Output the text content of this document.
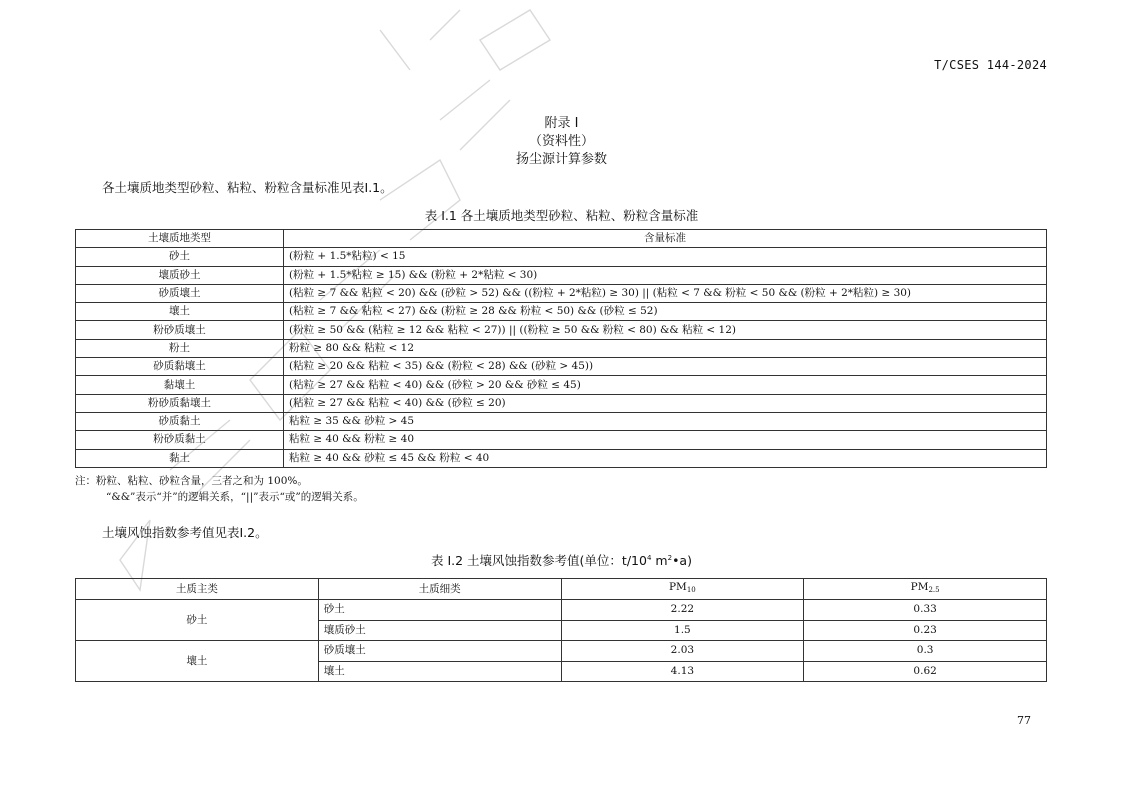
T/CSES 144-2024
附录 I
（资料性）
扬尘源计算参数
各土壤质地类型砂粒、粘粒、粉粒含量标准见表I.1。
表 I.1 各土壤质地类型砂粒、粘粒、粉粒含量标准
土壤质地类型	含量标准
砂土	(粉粒 + 1.5*粘粒) < 15
壤质砂土	(粉粒 + 1.5*粘粒 ≥ 15) && (粉粒 + 2*粘粒 < 30)
砂质壤土	(粘粒 ≥ 7 && 粘粒 < 20) && (砂粒 > 52) && ((粉粒 + 2*粘粒) ≥ 30) || (粘粒 < 7 && 粉粒 < 50 && (粉粒 + 2*粘粒) ≥ 30)
壤土	(粘粒 ≥ 7 && 粘粒 < 27) && (粉粒 ≥ 28 && 粉粒 < 50) && (砂粒 ≤ 52)
粉砂质壤土	(粉粒 ≥ 50 && (粘粒 ≥ 12 && 粘粒 < 27)) || ((粉粒 ≥ 50 && 粉粒 < 80) && 粘粒 < 12)
粉土	粉粒 ≥ 80 && 粘粒 < 12
砂质黏壤土	(粘粒 ≥ 20 && 粘粒 < 35) && (粉粒 < 28) && (砂粒 > 45))
黏壤土	(粘粒 ≥ 27 && 粘粒 < 40) && (砂粒 > 20 && 砂粒 ≤ 45)
粉砂质黏壤土	(粘粒 ≥ 27 && 粘粒 < 40) && (砂粒 ≤ 20)
砂质黏土	粘粒 ≥ 35 && 砂粒 > 45
粉砂质黏土	粘粒 ≥ 40 && 粉粒 ≥ 40
黏土	粘粒 ≥ 40 && 砂粒 ≤ 45 && 粉粒 < 40
注：粉粒、粘粒、砂粒含量，三者之和为 100%。
“&&”表示“并”的逻辑关系，“||”表示“或”的逻辑关系。
土壤风蚀指数参考值见表I.2。
表 I.2 土壤风蚀指数参考值(单位：$t/10^4$ $m^2•a$)
土质主类	土质细类	$PM_{10}$	$PM_{2.5}$
砂土	砂土	2.22	0.33
	壤质砂土	1.5	0.23
壤土	砂质壤土	2.03	0.3
	壤土	4.13	0.62
77
